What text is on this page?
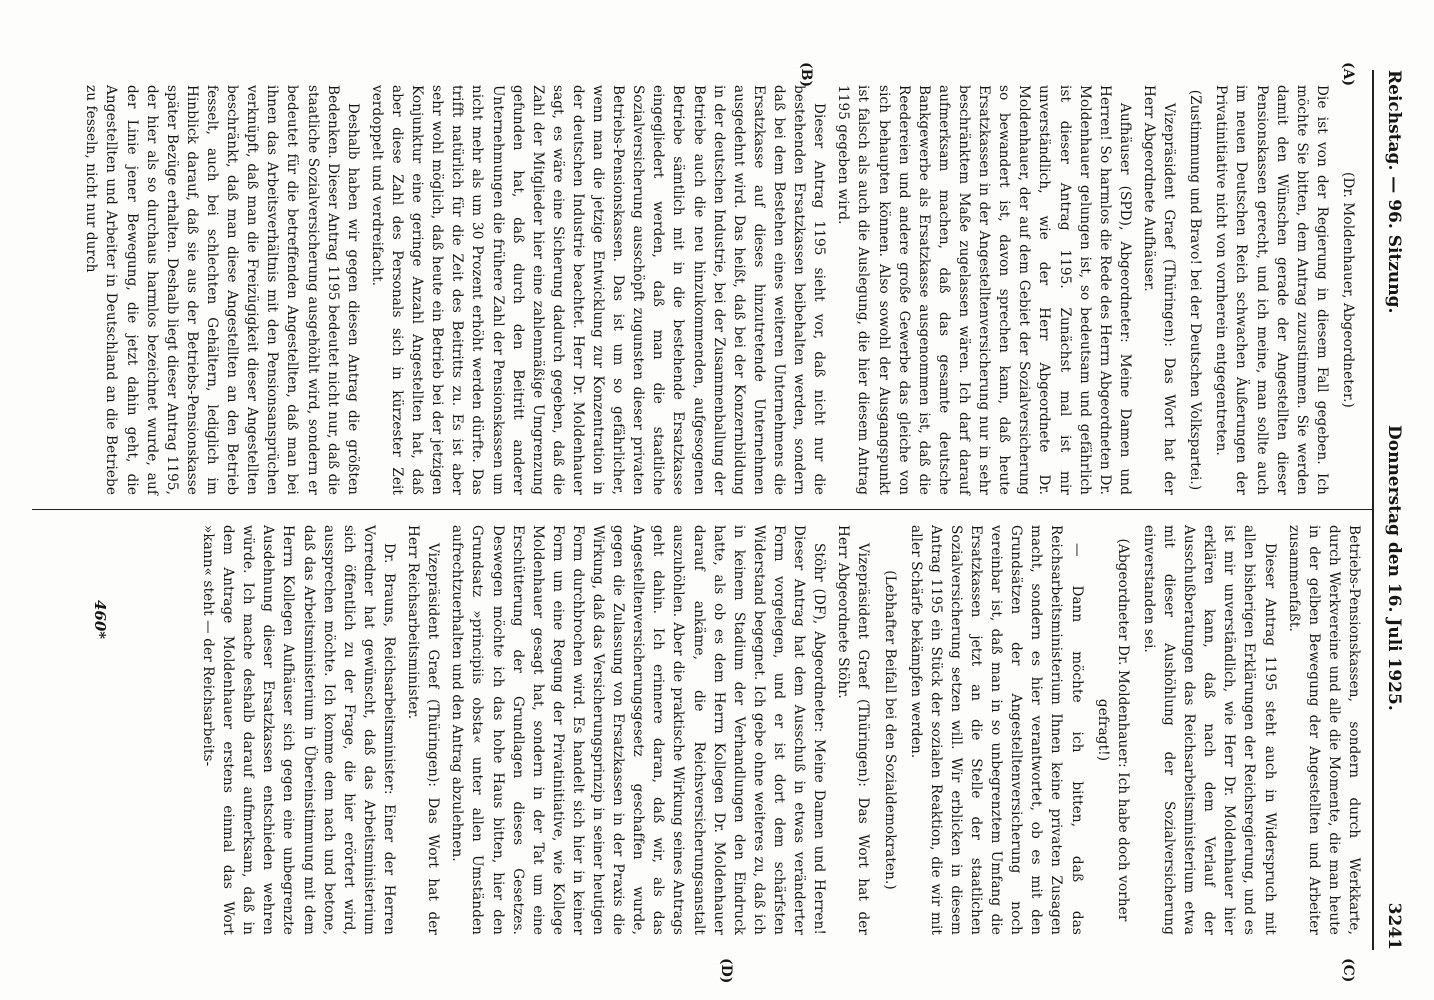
Reichstag. — 96. Sitzung.
Donnerstag den 16. Juli 1925.
3241
(A)
(B)
(C)
(D)

(Dr. Moldenhauer, Abgeordneter.)

Die ist von der Regierung in diesem Fall gegeben. Ich möchte Sie bitten, dem Antrag zuzustimmen. Sie werden damit den Wünschen gerade der Angestellten dieser Pensionskassen gerecht, und ich meine, man sollte auch im neuen Deutschen Reich schwachen Äußerungen der Privatinitiative nicht von vornherein entgegentreten.

(Zustimmung und Bravo! bei der Deutschen Volkspartei.)

Vizepräsident Graef (Thüringen): Das Wort hat der Herr Abgeordnete Aufhäuser.

Aufhäuser (SPD), Abgeordneter: Meine Damen und Herren! So harmlos die Rede des Herrn Abgeordneten Dr. Moldenhauer gelungen ist, so bedeutsam und gefährlich ist dieser Antrag 1195. Zunächst mal ist mir unverständlich, wie der Herr Abgeordnete Dr. Moldenhauer, der auf dem Gebiet der Sozialversicherung so bewandert ist, davon sprechen kann, daß heute Ersatzkassen in der Angestelltenversicherung nur in sehr beschränktem Maße zugelassen wären. Ich darf darauf aufmerksam machen, daß das gesamte deutsche Bankgewerbe als Ersatzkasse ausgenommen ist, daß die Reedereien und andere große Gewerbe das gleiche von sich behaupten können. Also sowohl der Ausgangspunkt ist falsch als auch die Auslegung, die hier diesem Antrag 1195 gegeben wird.

Dieser Antrag 1195 sieht vor, daß nicht nur die bestehenden Ersatzkassen beibehalten werden, sondern daß bei dem Bestehen eines weiteren Unternehmens die Ersatzkasse auf dieses hinzutretende Unternehmen ausgedehnt wird. Das heißt, daß bei der Konzernbildung in der deutschen Industrie, bei der Zusammenballung der Betriebe auch die neu hinzukommenden, aufgesogenen Betriebe sämtlich mit in die bestehende Ersatzkasse eingegliedert werden, daß man die staatliche Sozialversicherung ausschöpft zugunsten dieser privaten Betriebs-Pensionskassen. Das ist um so gefährlicher, wenn man die jetzige Entwicklung zur Konzentration in der deutschen Industrie beachtet. Herr Dr. Moldenhauer sagt, es wäre eine Sicherung dadurch gegeben, daß die Zahl der Mitglieder hier eine zahlenmäßige Umgrenzung gefunden hat, daß durch den Beitritt anderer Unternehmungen die frühere Zahl der Pensionskassen um nicht mehr als um 30 Prozent erhöht werden dürfte. Das trifft natürlich für die Zeit des Beitritts zu. Es ist aber sehr wohl möglich, daß heute ein Betrieb bei der jetzigen Konjunktur eine geringe Anzahl Angestellten hat, daß aber diese Zahl des Personals sich in kürzester Zeit verdoppelt und verdreifacht.

Deshalb haben wir gegen diesen Antrag die größten Bedenken. Dieser Antrag 1195 bedeutet nicht nur, daß die staatliche Sozialversicherung ausgehöhlt wird, sondern er bedeutet für die betreffenden Angestellten, daß man bei ihnen das Arbeitsverhältnis mit den Pensionsansprüchen verknüpft, daß man die Freizügigkeit dieser Angestellten beschränkt, daß man diese Angestellten an den Betrieb fesselt, auch bei schlechten Gehältern, lediglich im Hinblick darauf, daß sie aus der Betriebs-Pensionskasse später Bezüge erhalten. Deshalb liegt dieser Antrag 1195, der hier als so durchaus harmlos bezeichnet wurde, auf der Linie jener Bewegung, die jetzt dahin geht, die Angestellten und Arbeiter in Deutschland an die Betriebe zu fesseln, nicht nur durch

Betriebs-Pensionskassen, sondern durch Werkkarte, durch Werkvereine und alle die Momente, die man heute in der gelben Bewegung der Angestellten und Arbeiter zusammenfaßt.

Dieser Antrag 1195 steht auch in Widerspruch mit allen bisherigen Erklärungen der Reichsregierung, und es ist mir unverständlich, wie Herr Dr. Moldenhauer hier erklären kann, daß nach dem Verlauf der Ausschußberatungen das Reichsarbeitsministerium etwa mit dieser Aushöhlung der Sozialversicherung einverstanden sei.

(Abgeordneter Dr. Moldenhauer: Ich habe doch vorher gefragt!)

— Dann möchte ich bitten, daß das Reichsarbeitsministerium Ihnen keine privaten Zusagen macht, sondern es hier verantwortet, ob es mit den Grundsätzen der Angestelltenversicherung noch vereinbar ist, daß man in so unbegrenztem Umfang die Ersatzkassen jetzt an die Stelle der staatlichen Sozialversicherung setzen will. Wir erblicken in diesem Antrag 1195 ein Stück der sozialen Reaktion, die wir mit aller Schärfe bekämpfen werden.

(Lebhafter Beifall bei den Sozialdemokraten.)

Vizepräsident Graef (Thüringen): Das Wort hat der Herr Abgeordnete Stöhr.

Stöhr (DF), Abgeordneter: Meine Damen und Herren! Dieser Antrag hat dem Ausschuß in etwas veränderter Form vorgelegen, und er ist dort dem schärfsten Widerstand begegnet. Ich gebe ohne weiteres zu, daß ich in keinem Stadium der Verhandlungen den Eindruck hatte, als ob es dem Herrn Kollegen Dr. Moldenhauer darauf ankäme, die Reichsversicherungsanstalt auszuhöhlen. Aber die praktische Wirkung seines Antrags geht dahin. Ich erinnere daran, daß wir, als das Angestelltenversicherungsgesetz geschaffen wurde, gegen die Zulassung von Ersatzkassen in der Praxis die Wirkung, daß das Versicherungsprinzip in seiner heutigen Form durchbrochen wird. Es handelt sich hier in keiner Form um eine Regung der Privatinitiative, wie Kollege Moldenhauer gesagt hat, sondern in der Tat um eine Erschütterung der Grundlagen dieses Gesetzes. Deswegen möchte ich das hohe Haus bitten, hier den Grundsatz »principiis obsta« unter allen Umständen aufrechtzuerhalten und den Antrag abzulehnen.

Vizepräsident Graef (Thüringen): Das Wort hat der Herr Reichsarbeitsminister.

Dr. Brauns, Reichsarbeitsminister: Einer der Herren Vorredner hat gewünscht, daß das Arbeitsministerium sich öffentlich zu der Frage, die hier erörtert wird, aussprechen möchte. Ich komme dem nach und betone, daß das Arbeitsministerium in Übereinstimmung mit dem Herrn Kollegen Aufhäuser sich gegen eine unbegrenzte Ausdehnung dieser Ersatzkassen entschieden wehren würde. Ich mache deshalb darauf aufmerksam, daß in dem Antrage Moldenhauer erstens einmal das Wort »kann« steht — der Reichsarbeits-

460*
